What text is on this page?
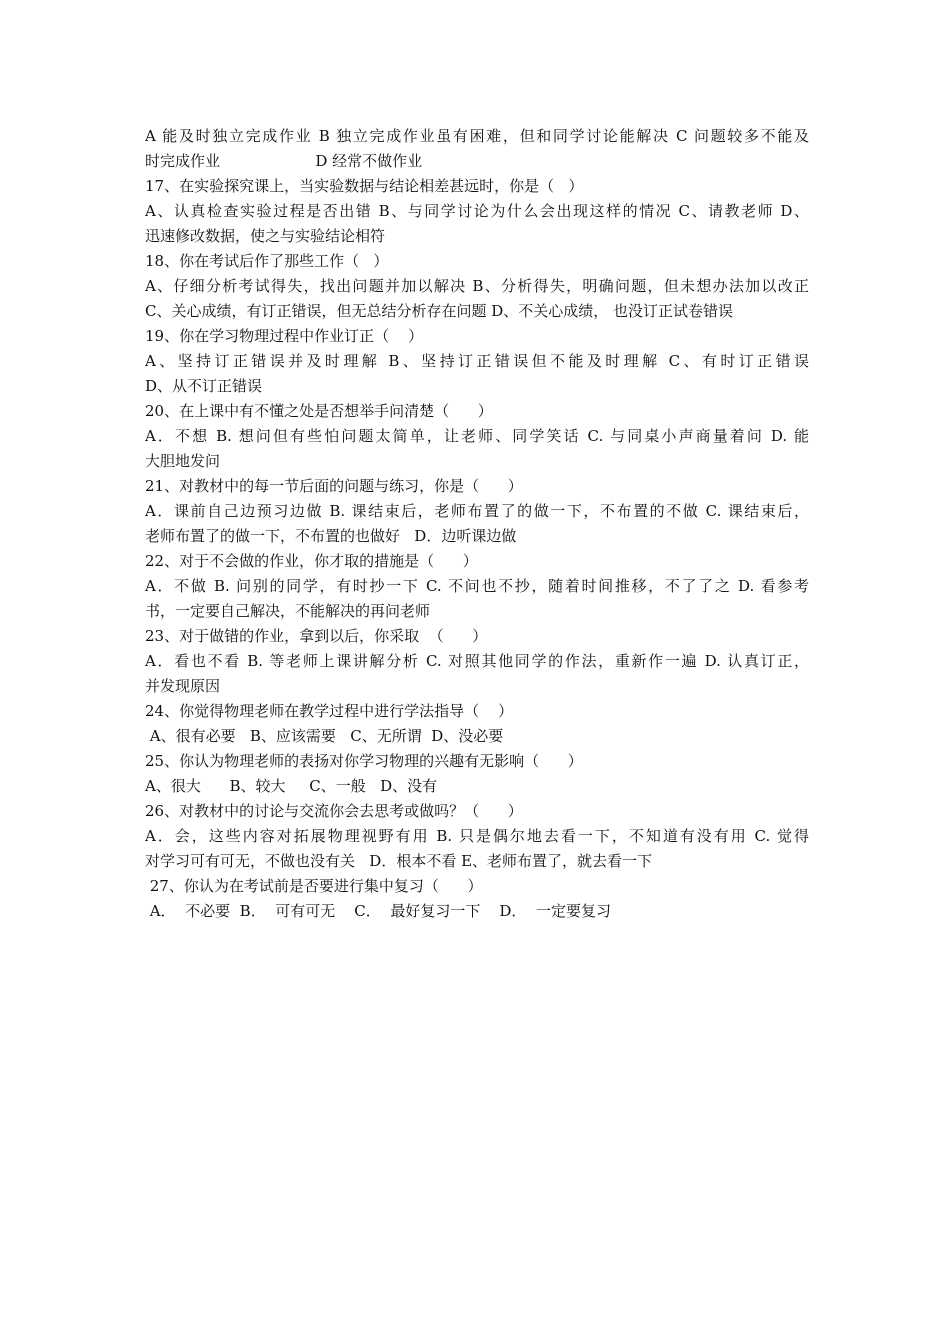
A 能及时独立完成作业 B 独立完成作业虽有困难，但和同学讨论能解决 C 问题较多不能及
时完成作业                    D 经常不做作业
17、在实验探究课上，当实验数据与结论相差甚远时，你是（   ）
A、认真检查实验过程是否出错 B、与同学讨论为什么会出现这样的情况 C、请教老师 D、
迅速修改数据，使之与实验结论相符
18、你在考试后作了那些工作（   ）
A、仔细分析考试得失，找出问题并加以解决 B、分析得失，明确问题，但未想办法加以改正
C、关心成绩，有订正错误，但无总结分析存在问题 D、不关心成绩， 也没订正试卷错误
19、你在学习物理过程中作业订正（    ）
A、坚持订正错误并及时理解 B、坚持订正错误但不能及时理解 C、有时订正错误
D、从不订正错误
20、在上课中有不懂之处是否想举手问清楚（      ）
A．不想 B. 想问但有些怕问题太简单，让老师、同学笑话 C. 与同桌小声商量着问 D. 能
大胆地发问
21、对教材中的每一节后面的问题与练习，你是（      ）
A．课前自己边预习边做 B. 课结束后，老师布置了的做一下，不布置的不做 C. 课结束后，
老师布置了的做一下，不布置的也做好   D．边听课边做
22、对于不会做的作业，你才取的措施是（      ）
A．不做 B. 问别的同学，有时抄一下 C. 不问也不抄，随着时间推移，不了了之 D. 看参考
书，一定要自己解决，不能解决的再问老师
23、对于做错的作业，拿到以后，你采取  （      ）
A．看也不看 B. 等老师上课讲解分析 C. 对照其他同学的作法，重新作一遍 D. 认真订正，
并发现原因
24、你觉得物理老师在教学过程中进行学法指导（    ）
A、很有必要   B、应该需要   C、无所谓  D、没必要
25、你认为物理老师的表扬对你学习物理的兴趣有无影响（      ）
A、很大      B、较大     C、一般   D、没有
26、对教材中的讨论与交流你会去思考或做吗？（      ）
A．会，这些内容对拓展物理视野有用 B. 只是偶尔地去看一下，不知道有没有用 C. 觉得
对学习可有可无，不做也没有关   D．根本不看 E、老师布置了，就去看一下
27、你认为在考试前是否要进行集中复习（      ）
A．  不必要  B．  可有可无    C．  最好复习一下    D．  一定要复习
